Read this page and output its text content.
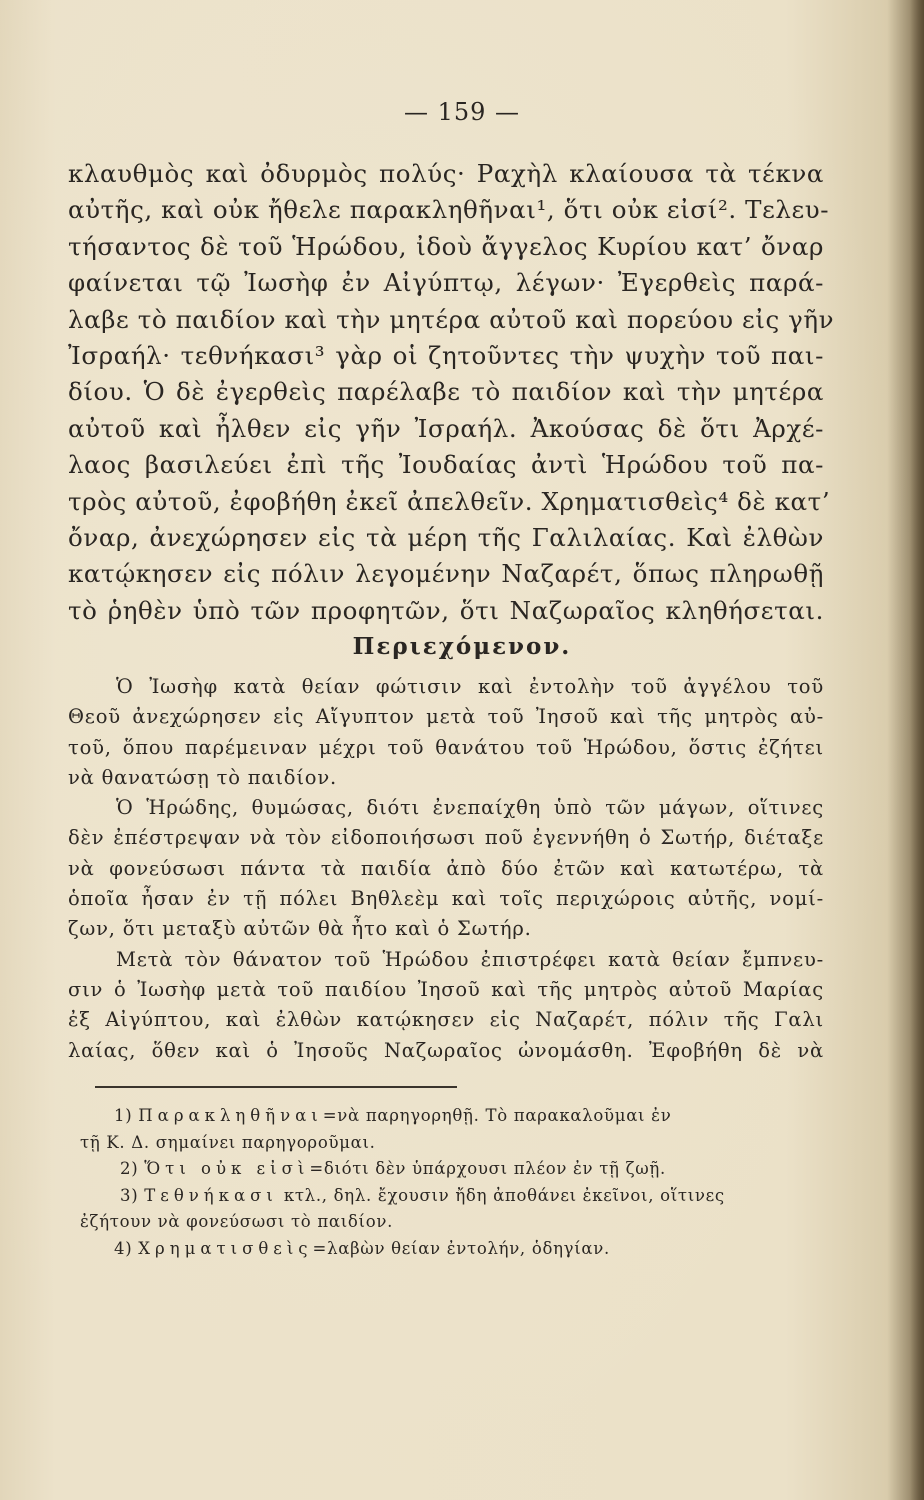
— 159 —
κλαυθμὸς καὶ ὀδυρμὸς πολύς· Ραχὴλ κλαίουσα τὰ τέκνα
αὐτῆς, καὶ οὐκ ἤθελε παρακληθῆναι¹, ὅτι οὐκ εἰσί². Τελευ-
τήσαντος δὲ τοῦ Ἡρώδου, ἰδοὺ ἄγγελος Κυρίου κατ’ ὄναρ
φαίνεται τῷ Ἰωσὴφ ἐν Αἰγύπτῳ, λέγων· Ἐγερθεὶς παρά-
λαβε τὸ παιδίον καὶ τὴν μητέρα αὐτοῦ καὶ πορεύου εἰς γῆν
Ἰσραήλ· τεθνήκασι³ γὰρ οἱ ζητοῦντες τὴν ψυχὴν τοῦ παι-
δίου. Ὁ δὲ ἐγερθεὶς παρέλαβε τὸ παιδίον καὶ τὴν μητέρα
αὐτοῦ καὶ ἦλθεν εἰς γῆν Ἰσραήλ. Ἀκούσας δὲ ὅτι Ἀρχέ-
λαος βασιλεύει ἐπὶ τῆς Ἰουδαίας ἀντὶ Ἡρώδου τοῦ πα-
τρὸς αὐτοῦ, ἐφοβήθη ἐκεῖ ἀπελθεῖν. Χρηματισθεὶς⁴ δὲ κατ’
ὄναρ, ἀνεχώρησεν εἰς τὰ μέρη τῆς Γαλιλαίας. Καὶ ἐλθὼν
κατῴκησεν εἰς πόλιν λεγομένην Ναζαρέτ, ὅπως πληρωθῇ
τὸ ῥηθὲν ὑπὸ τῶν προφητῶν, ὅτι Ναζωραῖος κληθήσεται.
Περιεχόμενον.
Ὁ Ἰωσὴφ κατὰ θείαν φώτισιν καὶ ἐντολὴν τοῦ ἀγγέλου τοῦ
Θεοῦ ἀνεχώρησεν εἰς Αἴγυπτον μετὰ τοῦ Ἰησοῦ καὶ τῆς μητρὸς αὐ-
τοῦ, ὅπου παρέμειναν μέχρι τοῦ θανάτου τοῦ Ἡρώδου, ὅστις ἐζήτει
νὰ θανατώσῃ τὸ παιδίον.
Ὁ Ἡρώδης, θυμώσας, διότι ἐνεπαίχθη ὑπὸ τῶν μάγων, οἵτινες
δὲν ἐπέστρεψαν νὰ τὸν εἰδοποιήσωσι ποῦ ἐγεννήθη ὁ Σωτήρ, διέταξε
νὰ φονεύσωσι πάντα τὰ παιδία ἀπὸ δύο ἐτῶν καὶ κατωτέρω, τὰ
ὁποῖα ἦσαν ἐν τῇ πόλει Βηθλεὲμ καὶ τοῖς περιχώροις αὐτῆς, νομί-
ζων, ὅτι μεταξὺ αὐτῶν θὰ ἦτο καὶ ὁ Σωτήρ.
Μετὰ τὸν θάνατον τοῦ Ἡρώδου ἐπιστρέφει κατὰ θείαν ἔμπνευ-
σιν ὁ Ἰωσὴφ μετὰ τοῦ παιδίου Ἰησοῦ καὶ τῆς μητρὸς αὐτοῦ Μαρίας
ἐξ Αἰγύπτου, καὶ ἐλθὼν κατῴκησεν εἰς Ναζαρέτ, πόλιν τῆς Γαλι
λαίας, ὅθεν καὶ ὁ Ἰησοῦς Ναζωραῖος ὠνομάσθη. Ἐφοβήθη δὲ νὰ
1) Παρακληθῆναι=νὰ παρηγορηθῇ. Τὸ παρακαλοῦμαι ἐν
τῇ Κ. Δ. σημαίνει παρηγοροῦμαι.
2) Ὅτι οὐκ εἰσὶ=διότι δὲν ὑπάρχουσι πλέον ἐν τῇ ζωῇ.
3) Τεθνήκασι κτλ., δηλ. ἔχουσιν ἤδη ἀποθάνει ἐκεῖνοι, οἵτινες
ἐζήτουν νὰ φονεύσωσι τὸ παιδίον.
4) Χρηματισθεὶς=λαβὼν θείαν ἐντολήν, ὁδηγίαν.
